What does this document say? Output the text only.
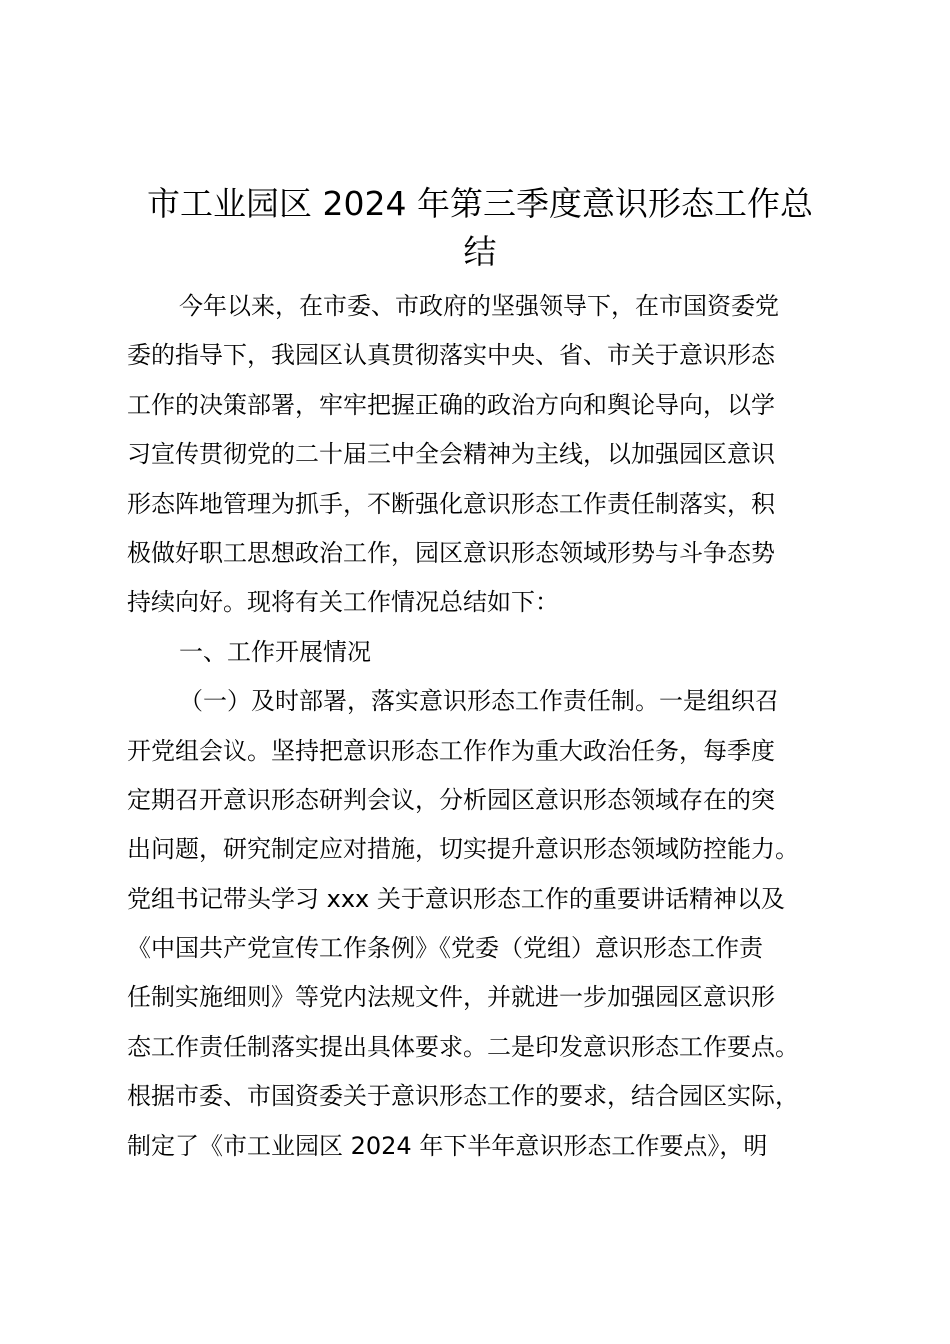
市工业园区 2024 年第三季度意识形态工作总
结
今年以来，在市委、市政府的坚强领导下，在市国资委党
委的指导下，我园区认真贯彻落实中央、省、市关于意识形态
工作的决策部署，牢牢把握正确的政治方向和舆论导向，以学
习宣传贯彻党的二十届三中全会精神为主线，以加强园区意识
形态阵地管理为抓手，不断强化意识形态工作责任制落实，积
极做好职工思想政治工作，园区意识形态领域形势与斗争态势
持续向好。现将有关工作情况总结如下：
一、工作开展情况
（一）及时部署，落实意识形态工作责任制。一是组织召
开党组会议。坚持把意识形态工作作为重大政治任务，每季度
定期召开意识形态研判会议，分析园区意识形态领域存在的突
出问题，研究制定应对措施，切实提升意识形态领域防控能力。
党组书记带头学习 xxx 关于意识形态工作的重要讲话精神以及
《中国共产党宣传工作条例》《党委（党组）意识形态工作责
任制实施细则》等党内法规文件，并就进一步加强园区意识形
态工作责任制落实提出具体要求。二是印发意识形态工作要点。
根据市委、市国资委关于意识形态工作的要求，结合园区实际，
制定了《市工业园区 2024 年下半年意识形态工作要点》，明
